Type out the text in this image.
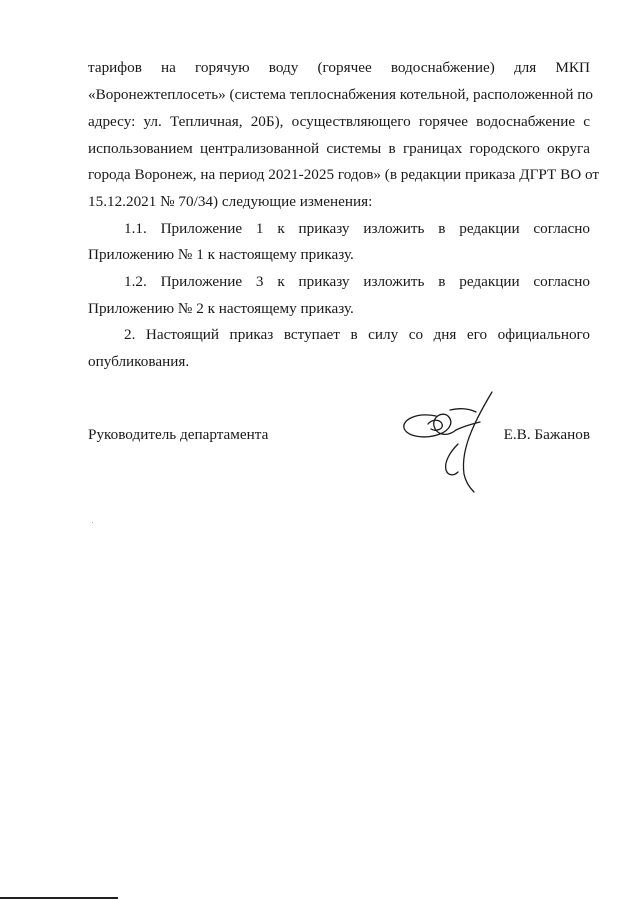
тарифов на горячую воду (горячее водоснабжение) для МКП
«Воронежтеплосеть» (система теплоснабжения котельной, расположенной по
адресу: ул. Тепличная, 20Б), осуществляющего горячее водоснабжение с
использованием централизованной системы в границах городского округа
города Воронеж, на период 2021-2025 годов» (в редакции приказа ДГРТ ВО от
15.12.2021 № 70/34) следующие изменения:
1.1. Приложение 1 к приказу изложить в редакции согласно
Приложению № 1 к настоящему приказу.
1.2. Приложение 3 к приказу изложить в редакции согласно
Приложению № 2 к настоящему приказу.
2. Настоящий приказ вступает в силу со дня его официального
опубликования.
Руководитель департамента	Е.В. Бажанов
